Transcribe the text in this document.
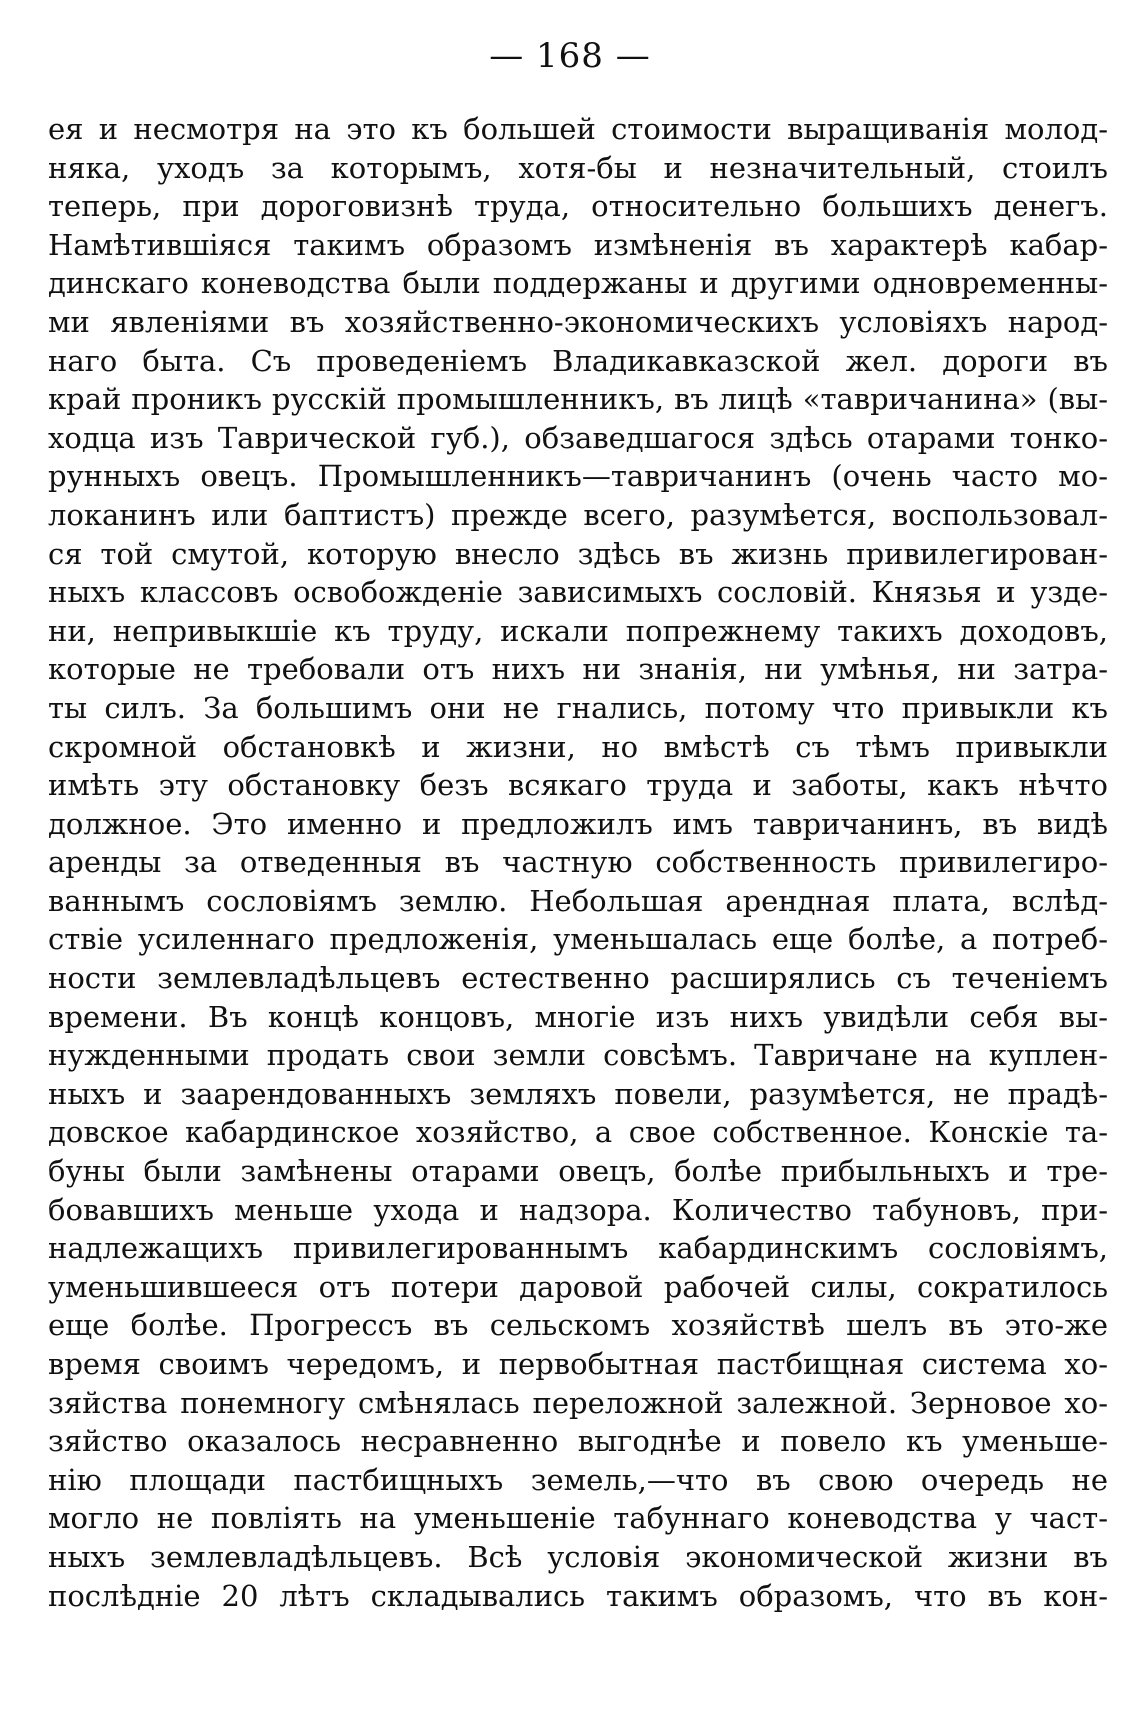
— 168 —
ея и несмотря на это къ большей стоимости выращиванія молод-
няка, уходъ за которымъ, хотя-бы и незначительный, стоилъ
теперь, при дороговизнѣ труда, относительно большихъ денегъ.
Намѣтившіяся такимъ образомъ измѣненія въ характерѣ кабар-
динскаго коневодства были поддержаны и другими одновременны-
ми явленіями въ хозяйственно-экономическихъ условіяхъ народ-
наго быта. Съ проведеніемъ Владикавказской жел. дороги въ
край проникъ русскій промышленникъ, въ лицѣ «тавричанина» (вы-
ходца изъ Таврической губ.), обзаведшагося здѣсь отарами тонко-
рунныхъ овецъ. Промышленникъ—тавричанинъ (очень часто мо-
локанинъ или баптистъ) прежде всего, разумѣется, воспользовал-
ся той смутой, которую внесло здѣсь въ жизнь привилегирован-
ныхъ классовъ освобожденіе зависимыхъ сословій. Князья и узде-
ни, непривыкшіе къ труду, искали попрежнему такихъ доходовъ,
которые не требовали отъ нихъ ни знанія, ни умѣнья, ни затра-
ты силъ. За большимъ они не гнались, потому что привыкли къ
скромной обстановкѣ и жизни, но вмѣстѣ съ тѣмъ привыкли
имѣть эту обстановку безъ всякаго труда и заботы, какъ нѣчто
должное. Это именно и предложилъ имъ тавричанинъ, въ видѣ
аренды за отведенныя въ частную собственность привилегиро-
ваннымъ сословіямъ землю. Небольшая арендная плата, вслѣд-
ствіе усиленнаго предложенія, уменьшалась еще болѣе, а потреб-
ности землевладѣльцевъ естественно расширялись съ теченіемъ
времени. Въ концѣ концовъ, многіе изъ нихъ увидѣли себя вы-
нужденными продать свои земли совсѣмъ. Тавричане на куплен-
ныхъ и заарендованныхъ земляхъ повели, разумѣется, не прадѣ-
довское кабардинское хозяйство, а свое собственное. Конскіе та-
буны были замѣнены отарами овецъ, болѣе прибыльныхъ и тре-
бовавшихъ меньше ухода и надзора. Количество табуновъ, при-
надлежащихъ привилегированнымъ кабардинскимъ сословіямъ,
уменьшившееся отъ потери даровой рабочей силы, сократилось
еще болѣе. Прогрессъ въ сельскомъ хозяйствѣ шелъ въ это-же
время своимъ чередомъ, и первобытная пастбищная система хо-
зяйства понемногу смѣнялась переложной залежной. Зерновое хо-
зяйство оказалось несравненно выгоднѣе и повело къ уменьше-
нію площади пастбищныхъ земель,—что въ свою очередь не
могло не повліять на уменьшеніе табуннаго коневодства у част-
ныхъ землевладѣльцевъ. Всѣ условія экономической жизни въ
послѣдніе 20 лѣтъ складывались такимъ образомъ, что въ кон-
